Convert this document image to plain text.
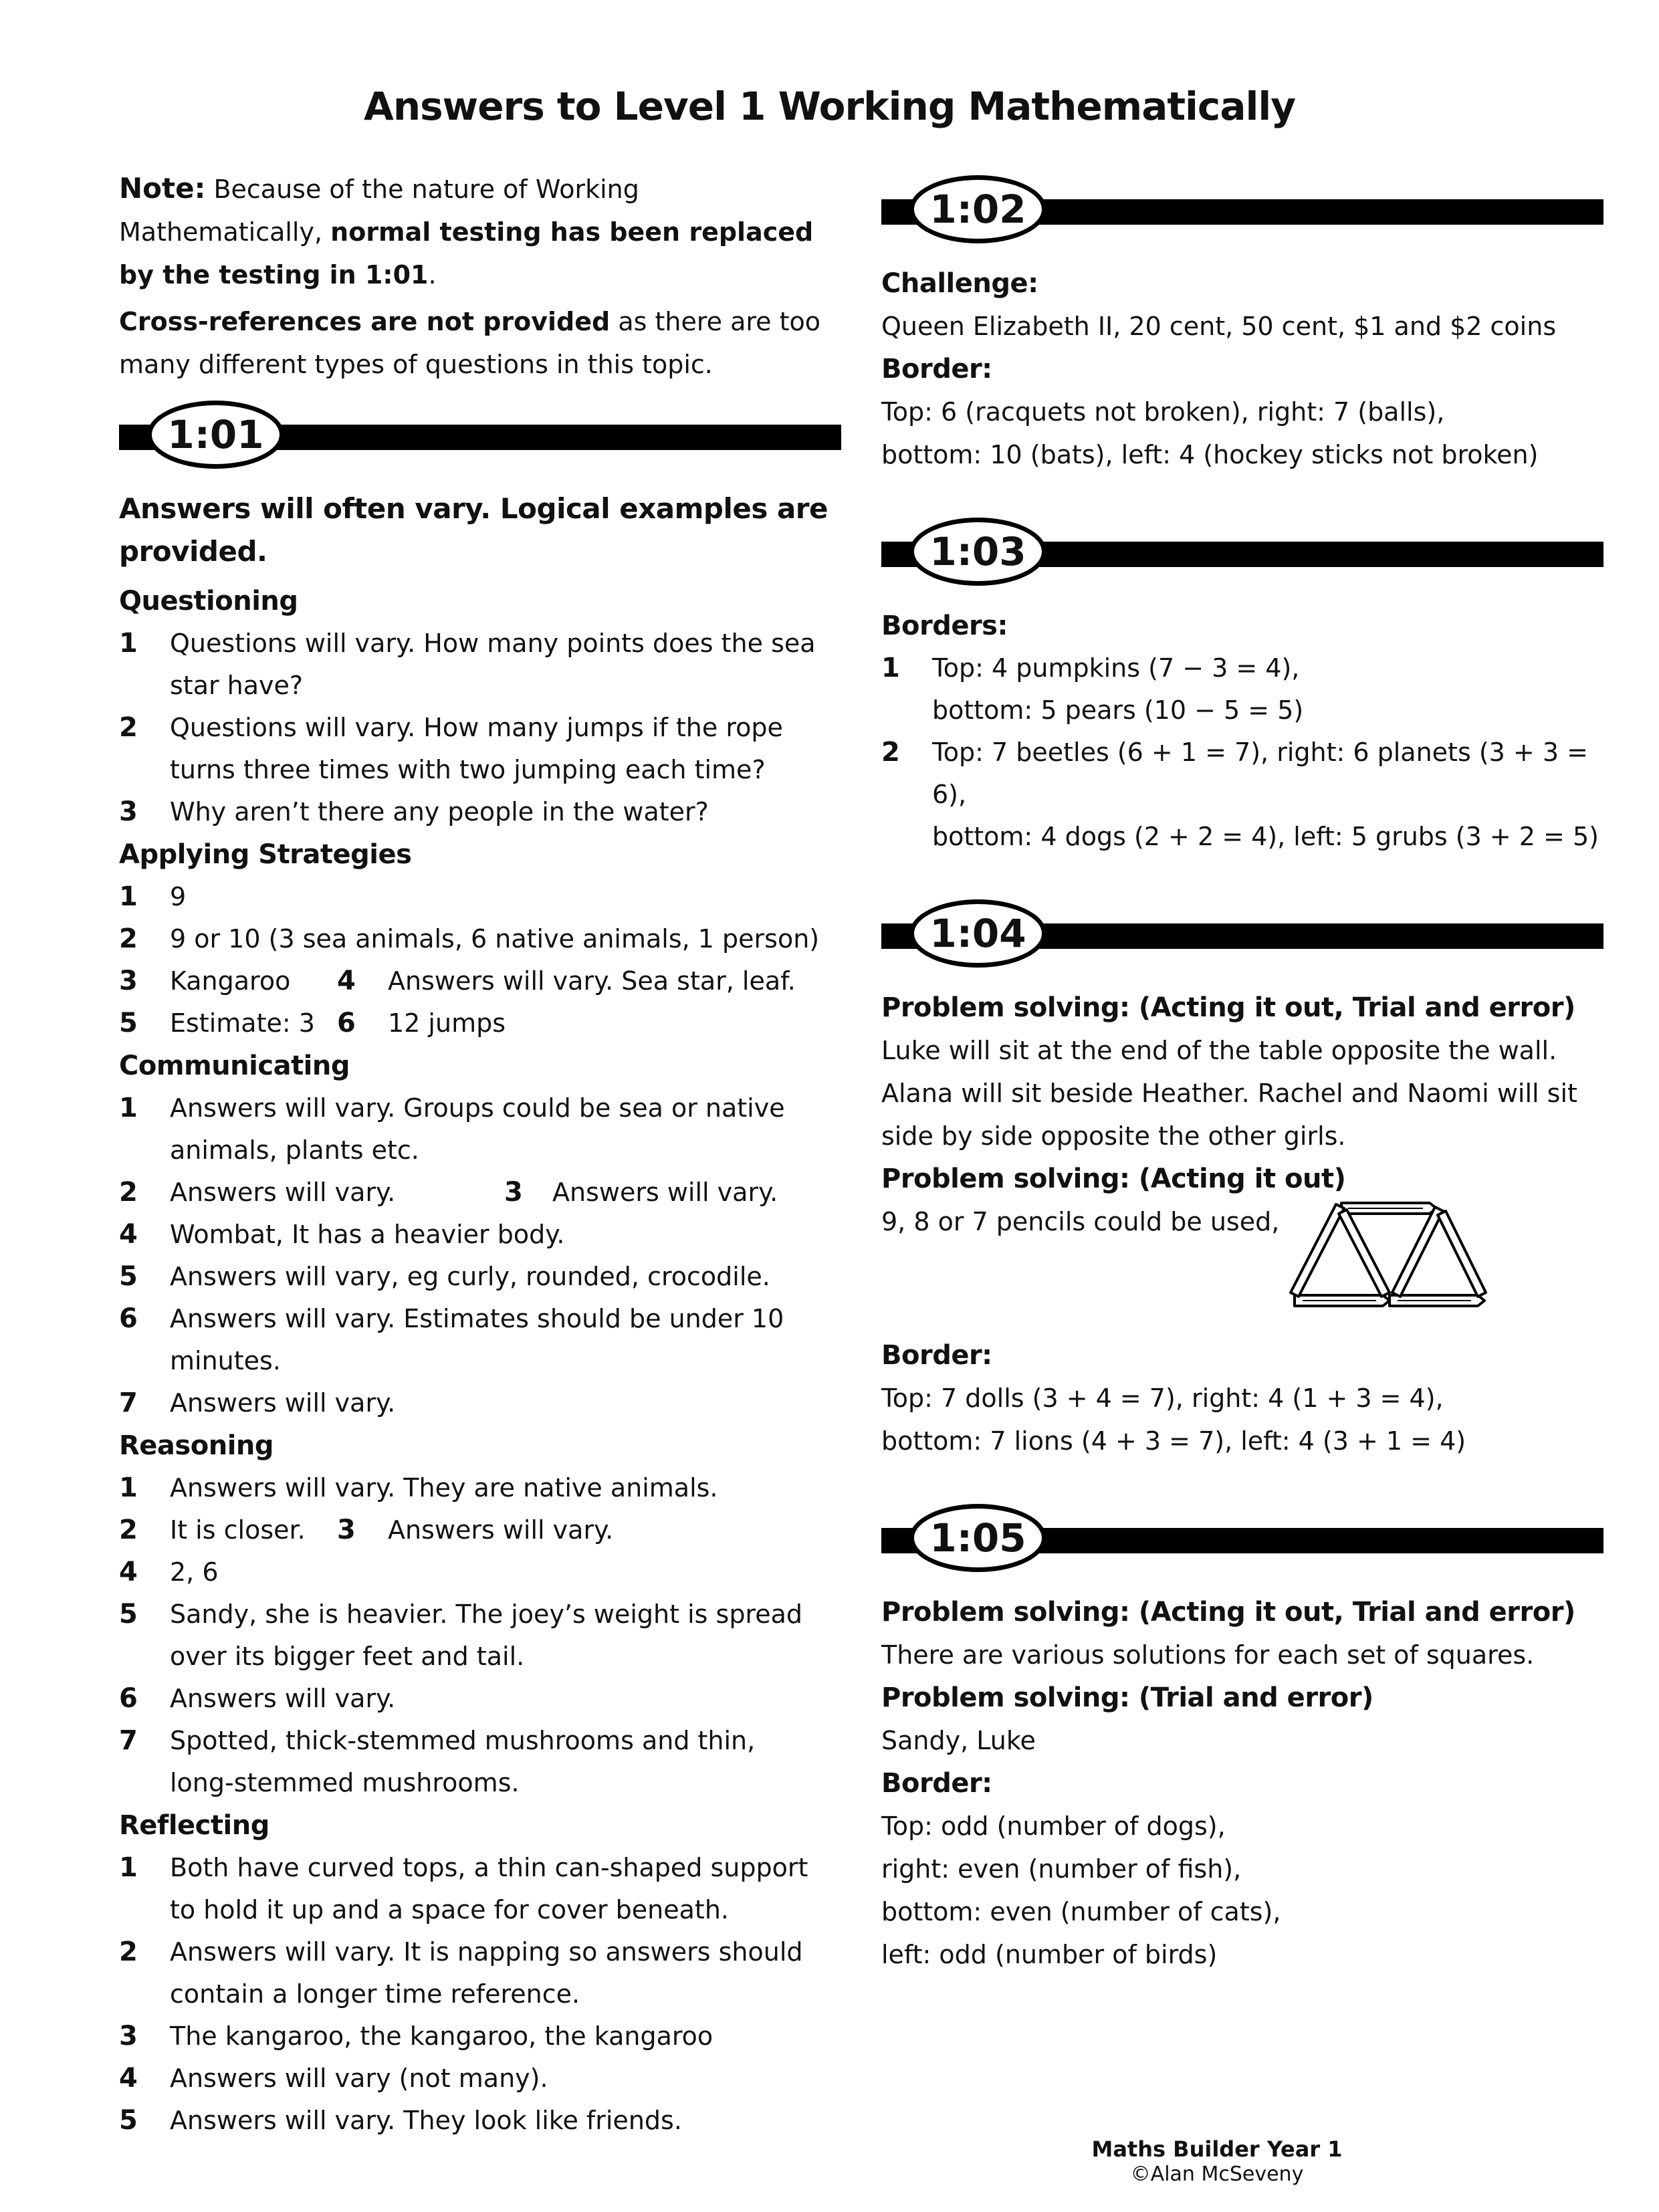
Answers to Level 1 Working Mathematically
Note: Because of the nature of Working Mathematically, normal testing has been replaced by the testing in 1:01.
Cross-references are not provided as there are too many different types of questions in this topic.
1:01
Answers will often vary. Logical examples are provided.
Questioning
1	Questions will vary. How many points does the sea
star have?
2	Questions will vary. How many jumps if the rope
turns three times with two jumping each time?
3	Why aren’t there any people in the water?
Applying Strategies
1	9
2	9 or 10 (3 sea animals, 6 native animals, 1 person)
3	Kangaroo	4	Answers will vary. Sea star, leaf.
5	Estimate: 3 6	12 jumps
Communicating
1	Answers will vary. Groups could be sea or native
animals, plants etc.
2	Answers will vary.	3	Answers will vary.
4	Wombat, It has a heavier body.
5	Answers will vary, eg curly, rounded, crocodile.
6	Answers will vary. Estimates should be under 10
minutes.
7	Answers will vary.
Reasoning
1	Answers will vary. They are native animals.
2	It is closer.	3	Answers will vary.
4	2, 6
5	Sandy, she is heavier. The joey’s weight is spread
over its bigger feet and tail.
6	Answers will vary.
7	Spotted, thick-stemmed mushrooms and thin,
long-stemmed mushrooms.
Reflecting
1	Both have curved tops, a thin can-shaped support
to hold it up and a space for cover beneath.
2	Answers will vary. It is napping so answers should
contain a longer time reference.
3	The kangaroo, the kangaroo, the kangaroo
4	Answers will vary (not many).
5	Answers will vary. They look like friends.
1:02
Challenge:
Queen Elizabeth II, 20 cent, 50 cent, $1 and $2 coins
Border:
Top: 6 (racquets not broken), right: 7 (balls),
bottom: 10 (bats), left: 4 (hockey sticks not broken)
1:03
Borders:
1	Top: 4 pumpkins (7 − 3 = 4),
bottom: 5 pears (10 − 5 = 5)
2	Top: 7 beetles (6 + 1 = 7), right: 6 planets (3 + 3 = 6),
bottom: 4 dogs (2 + 2 = 4), left: 5 grubs (3 + 2 = 5)
1:04
Problem solving: (Acting it out, Trial and error)
Luke will sit at the end of the table opposite the wall.
Alana will sit beside Heather. Rachel and Naomi will sit
side by side opposite the other girls.
Problem solving: (Acting it out)
9, 8 or 7 pencils could be used,
Border:
Top: 7 dolls (3 + 4 = 7), right: 4 (1 + 3 = 4),
bottom: 7 lions (4 + 3 = 7), left: 4 (3 + 1 = 4)
1:05
Problem solving: (Acting it out, Trial and error)
There are various solutions for each set of squares.
Problem solving: (Trial and error)
Sandy, Luke
Border:
Top: odd (number of dogs),
right: even (number of fish),
bottom: even (number of cats),
left: odd (number of birds)
Maths Builder Year 1
©Alan McSeveny
